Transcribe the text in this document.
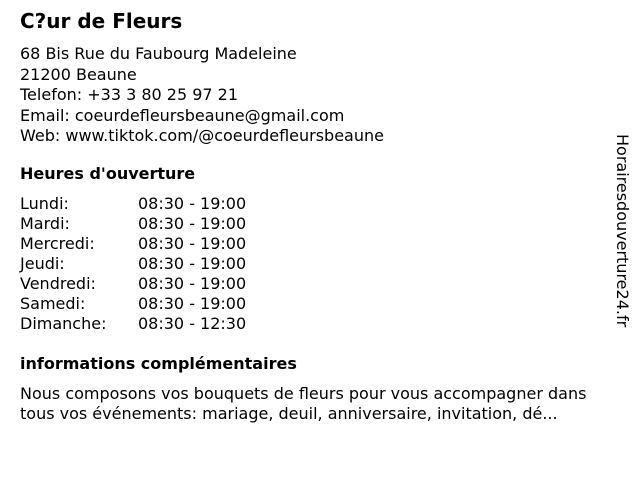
C?ur de Fleurs
68 Bis Rue du Faubourg Madeleine
21200 Beaune
Telefon: +33 3 80 25 97 21
Email: coeurdefleursbeaune@gmail.com
Web: www.tiktok.com/@coeurdefleursbeaune
Heures d'ouverture
Lundi:	08:30 - 19:00
Mardi:	08:30 - 19:00
Mercredi:	08:30 - 19:00
Jeudi:	08:30 - 19:00
Vendredi:	08:30 - 19:00
Samedi:	08:30 - 19:00
Dimanche: 08:30 - 12:30
informations complémentaires
Nous composons vos bouquets de fleurs pour vous accompagner dans
tous vos événements: mariage, deuil, anniversaire, invitation, dé...
Horairesdouverture24.fr
